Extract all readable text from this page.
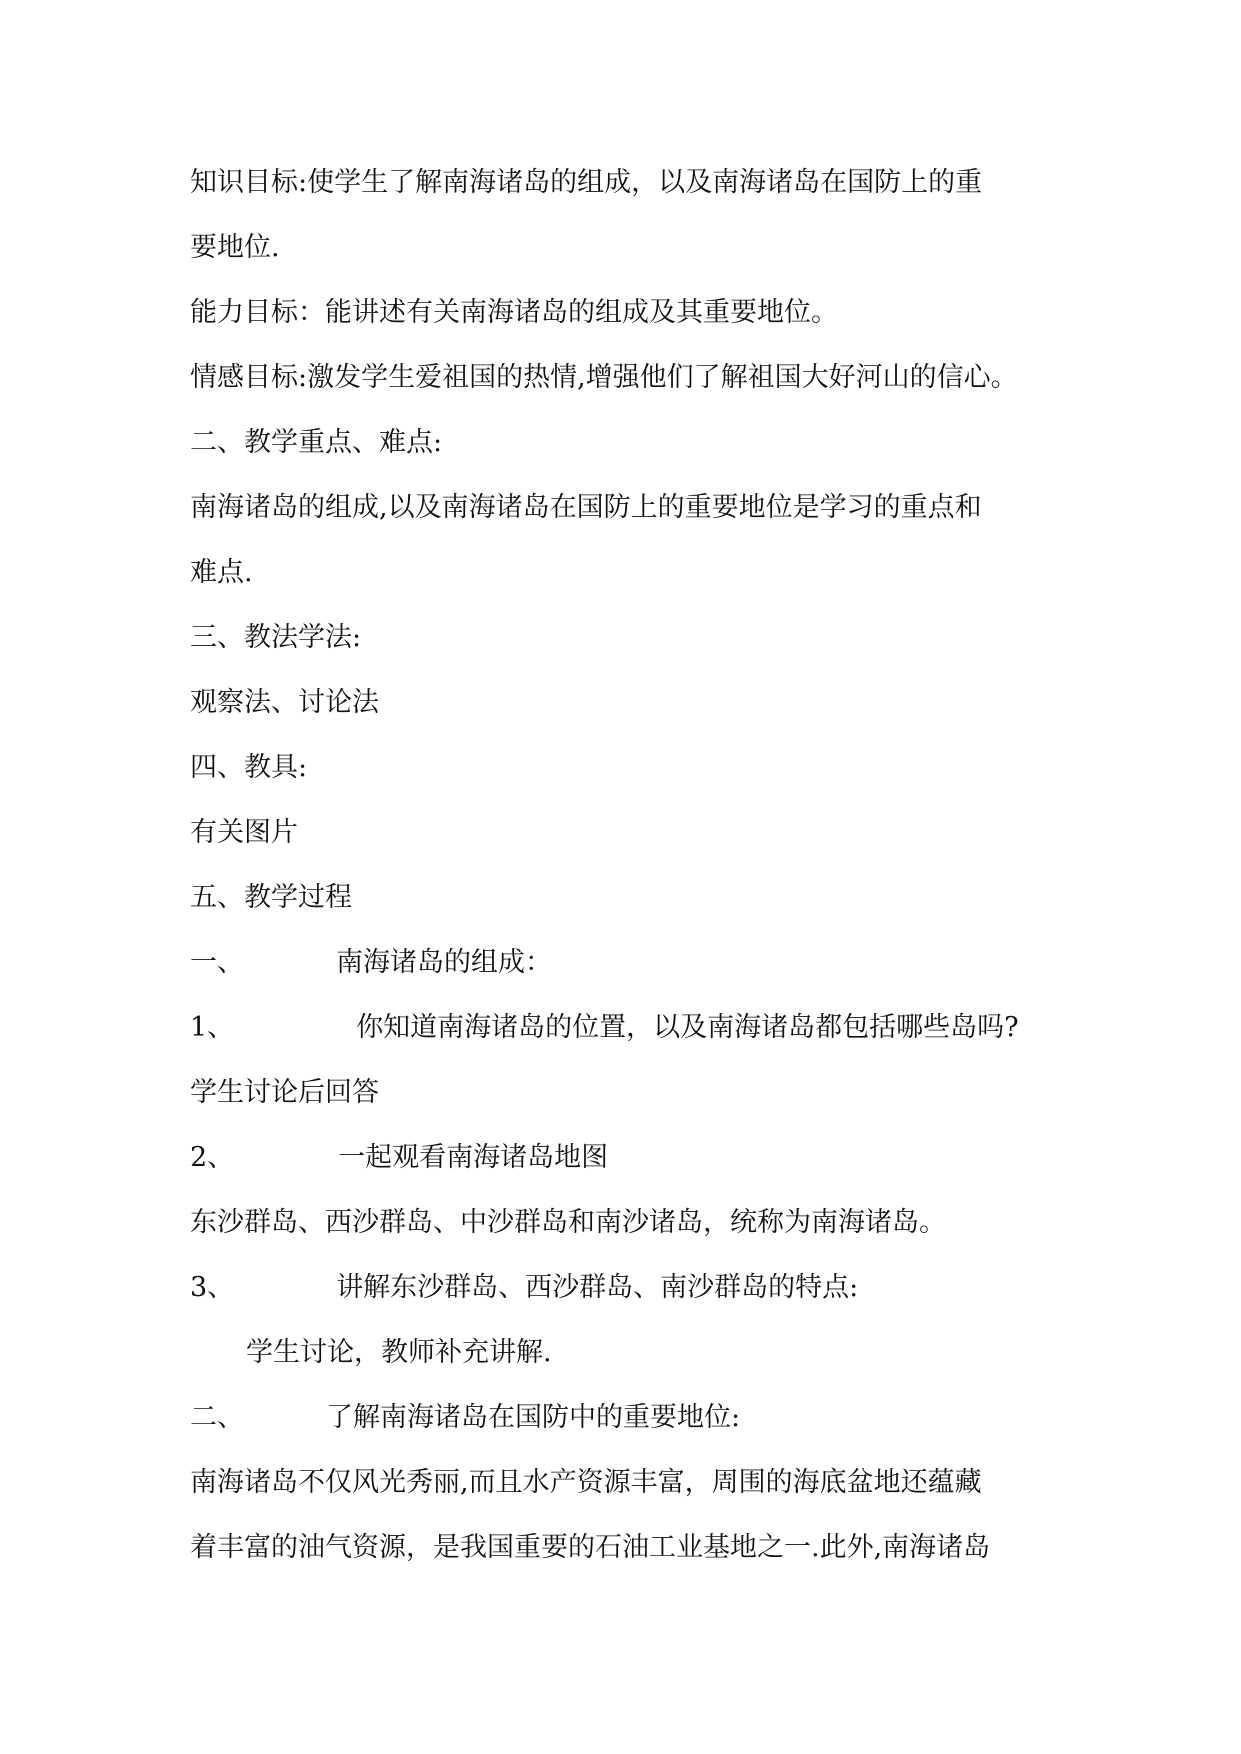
知识目标:使学生了解南海诸岛的组成，以及南海诸岛在国防上的重
要地位.
能力目标：能讲述有关南海诸岛的组成及其重要地位。
情感目标:激发学生爱祖国的热情,增强他们了解祖国大好河山的信心。
二、教学重点、难点:
南海诸岛的组成,以及南海诸岛在国防上的重要地位是学习的重点和
难点.
三、教法学法:
观察法、讨论法
四、教具:
有关图片
五、教学过程
一、	南海诸岛的组成：
1、	你知道南海诸岛的位置，以及南海诸岛都包括哪些岛吗?
学生讨论后回答
2、	一起观看南海诸岛地图
东沙群岛、西沙群岛、中沙群岛和南沙诸岛，统称为南海诸岛。
3、	讲解东沙群岛、西沙群岛、南沙群岛的特点:
学生讨论，教师补充讲解.
二、	了解南海诸岛在国防中的重要地位:
南海诸岛不仅风光秀丽,而且水产资源丰富，周围的海底盆地还蕴藏
着丰富的油气资源，是我国重要的石油工业基地之一.此外,南海诸岛
